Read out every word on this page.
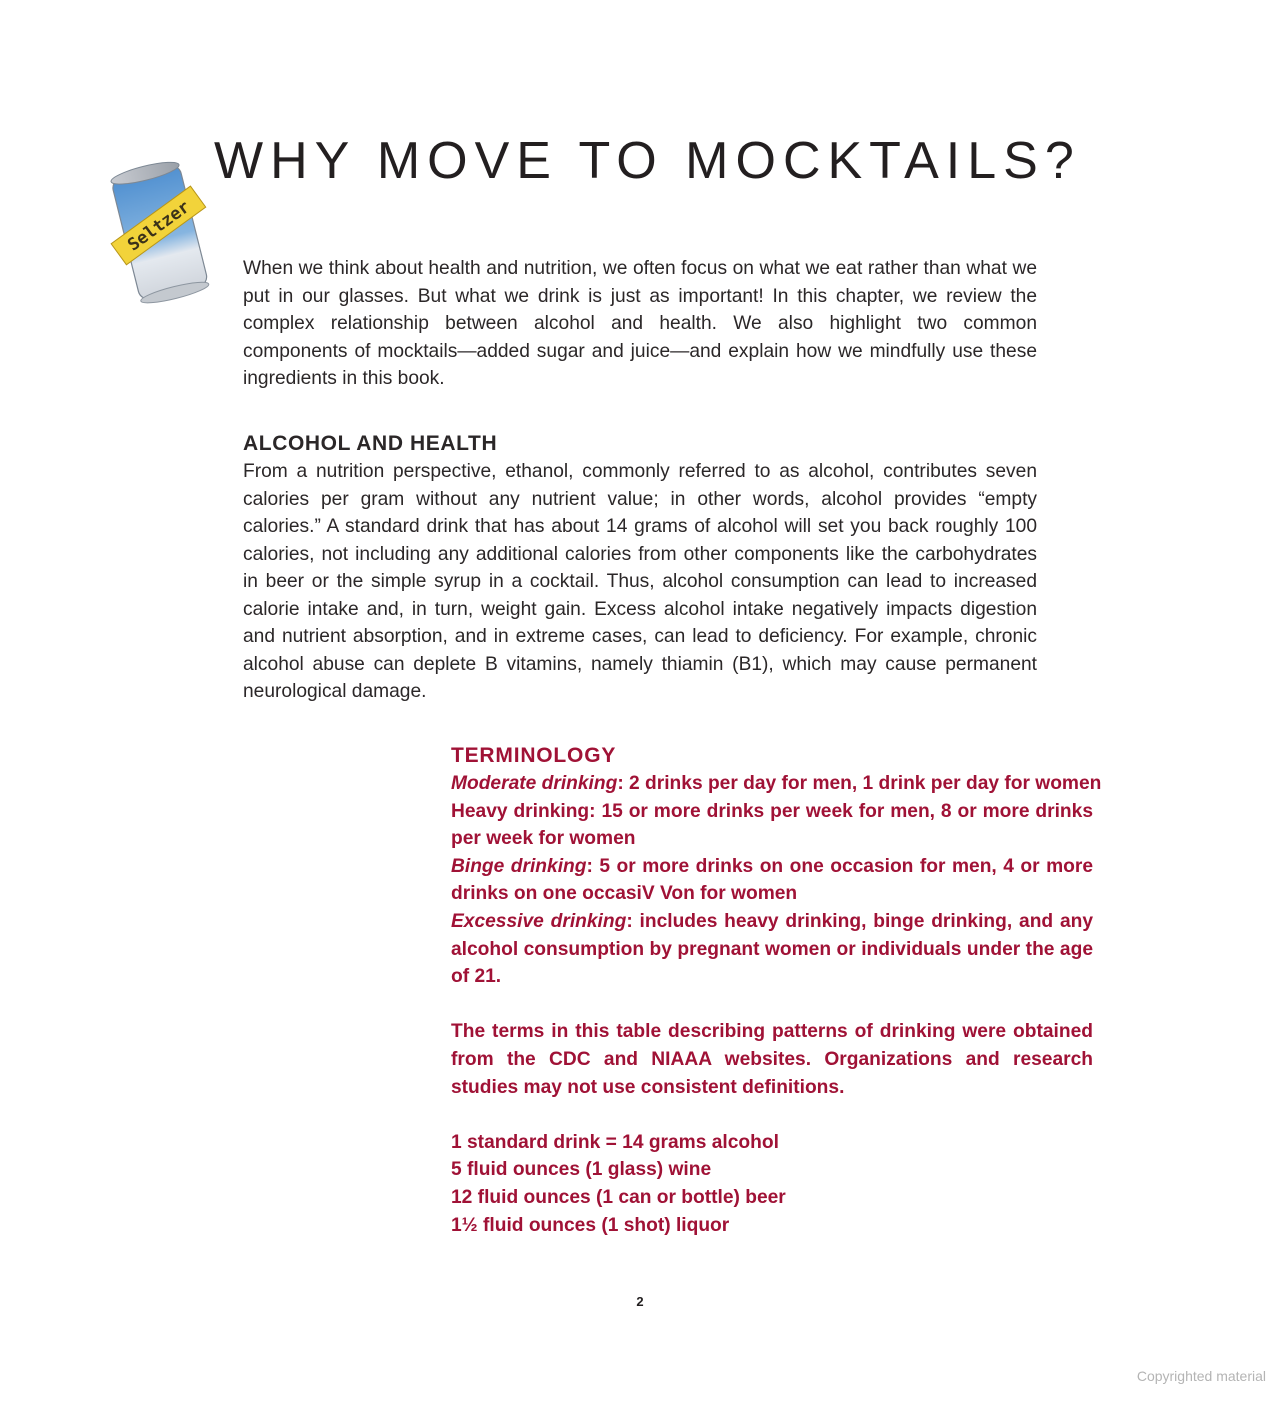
Seltzer
WHY MOVE TO MOCKTAILS?

When we think about health and nutrition, we often focus on what we eat rather than what we put in our glasses. But what we drink is just as important! In this chapter, we review the complex relationship between alcohol and health. We also highlight two common components of mocktails—added sugar and juice—and explain how we mindfully use these ingredients in this book.

ALCOHOL AND HEALTH

From a nutrition perspective, ethanol, commonly referred to as alcohol, contributes seven calories per gram without any nutrient value; in other words, alcohol provides “empty calories.” A standard drink that has about 14 grams of alcohol will set you back roughly 100 calories, not including any additional calories from other components like the carbohydrates in beer or the simple syrup in a cocktail. Thus, alcohol consumption can lead to increased calorie intake and, in turn, weight gain. Excess alcohol intake negatively impacts digestion and nutrient absorption, and in extreme cases, can lead to deficiency. For example, chronic alcohol abuse can deplete B vitamins, namely thiamin (B1), which may cause permanent neurological damage.

TERMINOLOGY

Moderate drinking: 2 drinks per day for men, 1 drink per day for women

Heavy drinking: 15 or more drinks per week for men, 8 or more drinks per week for women

Binge drinking: 5 or more drinks on one occasion for men, 4 or more drinks on one occasiV Von for women

Excessive drinking: includes heavy drinking, binge drinking, and any alcohol consumption by pregnant women or individuals under the age of 21.

The terms in this table describing patterns of drinking were obtained from the CDC and NIAAA websites. Organizations and research studies may not use consistent definitions.

1 standard drink = 14 grams alcohol

5 fluid ounces (1 glass) wine

12 fluid ounces (1 can or bottle) beer

1½ fluid ounces (1 shot) liquor

2
Copyrighted material
